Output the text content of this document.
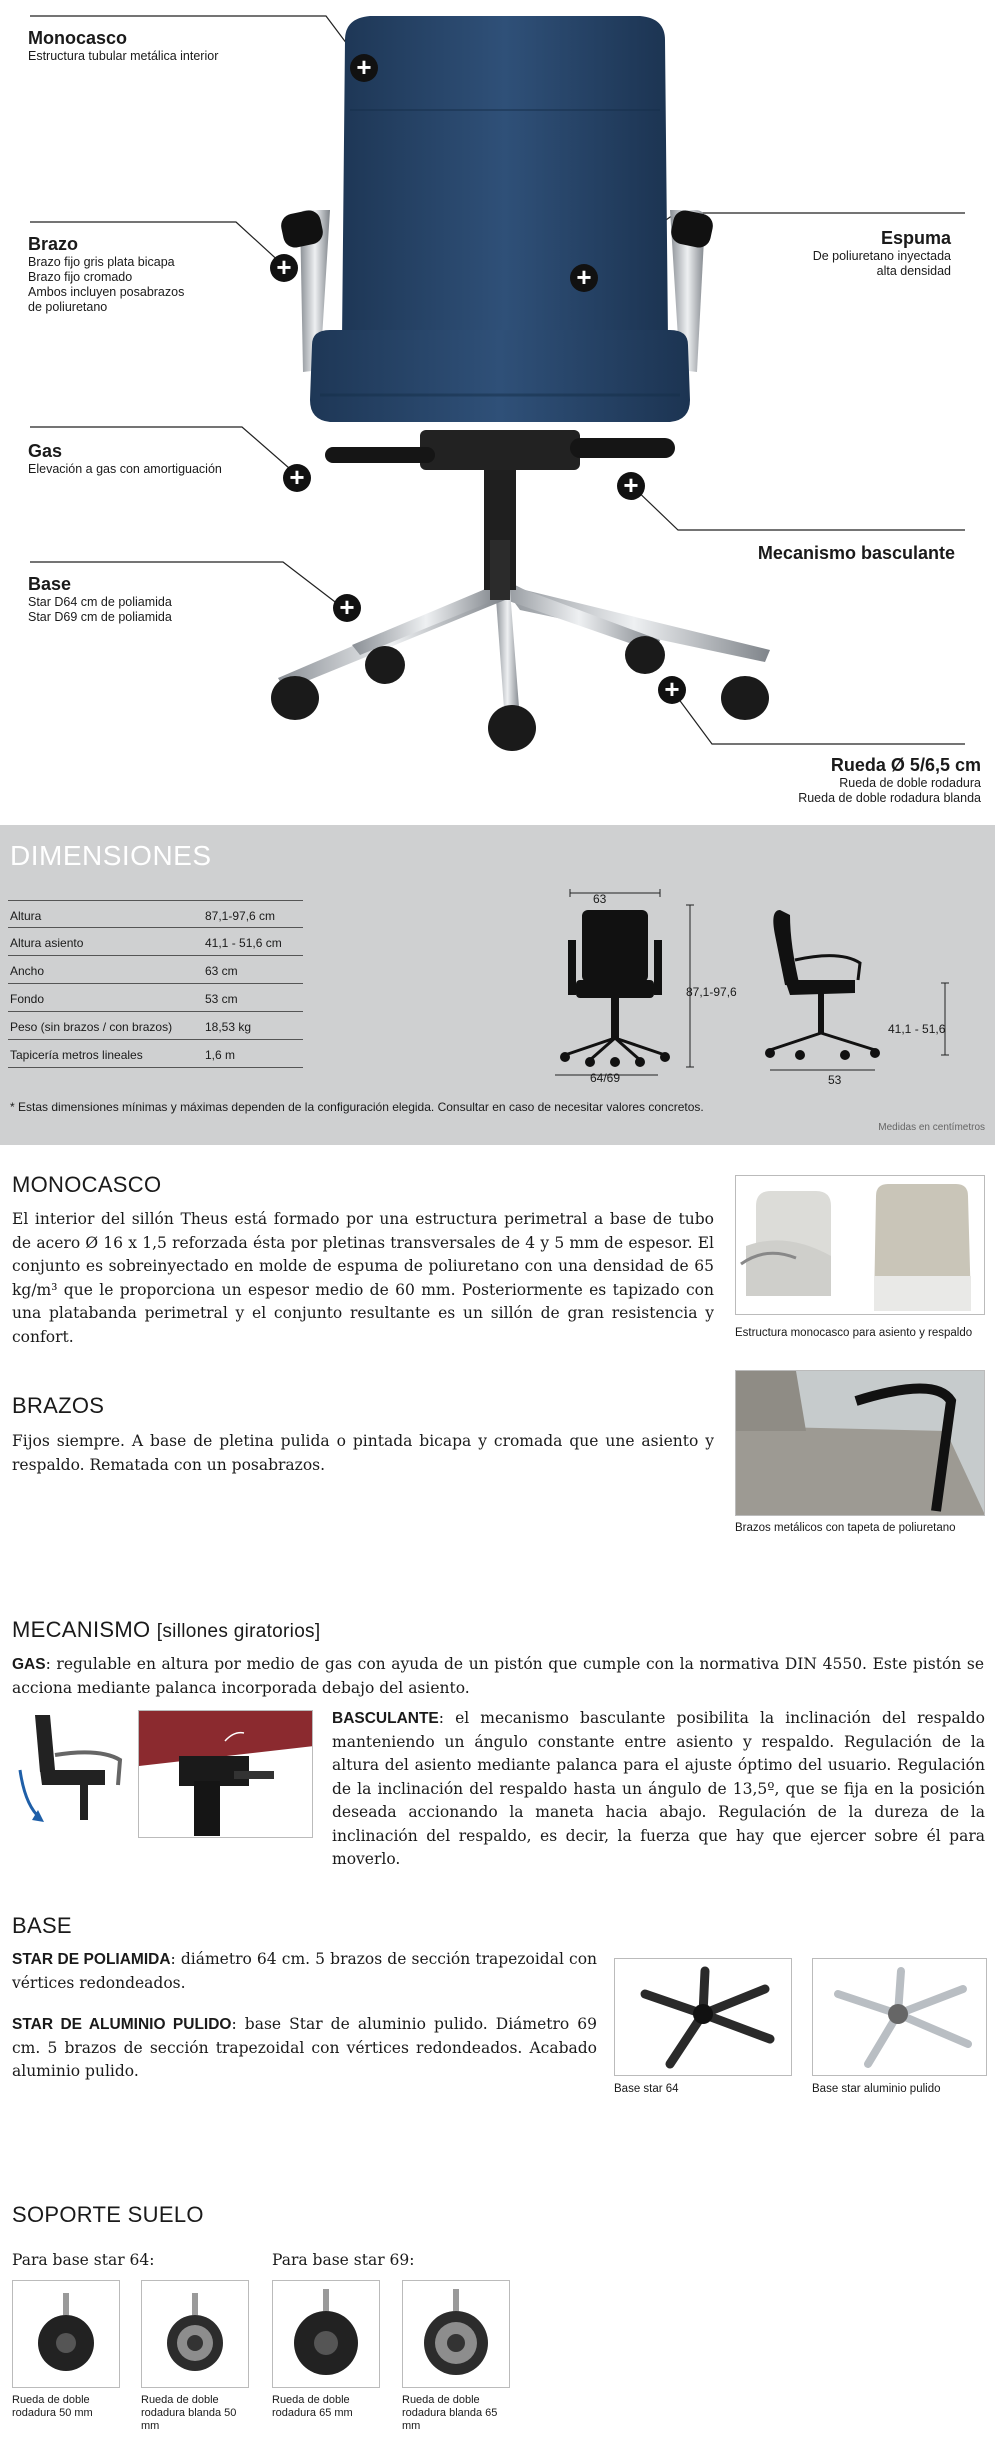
+
+	+
+	+
+
+
Monocasco
Estructura tubular metálica interior
Brazo
Brazo fijo gris plata bicapa
Brazo fijo cromado
Ambos incluyen posabrazos
de poliuretano
Gas
Elevación a gas con amortiguación
Base
Star D64 cm de poliamida
Star D69 cm de poliamida
Espuma
De poliuretano inyectada
alta densidad
Mecanismo basculante
Rueda Ø 5/6,5 cm
Rueda de doble rodadura
Rueda de doble rodadura blanda
DIMENSIONES
Altura	87,1-97,6 cm
Altura asiento	41,1 - 51,6 cm
Ancho	63 cm
Fondo	53 cm
Peso (sin brazos / con brazos)	18,53 kg
Tapicería metros lineales	1,6 m
63
87,1-97,6
64/69	53
41,1 - 51,6
* Estas dimensiones mínimas y máximas dependen de la configuración elegida. Consultar en caso de necesitar valores concretos.
Medidas en centímetros
MONOCASCO
El interior del sillón Theus está formado por una estructura perimetral a base de tubo de acero Ø 16 x 1,5 reforzada ésta por pletinas transversales de 4 y 5 mm de espesor. El conjunto es sobreinyectado en molde de espuma de poliuretano con una densidad de 65 kg/m³ que le proporciona un espesor medio de 60 mm. Posteriormente es tapizado con una platabanda perimetral y el conjunto resultante es un sillón de gran resistencia y confort.	Estructura monocasco para asiento y respaldo
BRAZOS
Fijos siempre. A base de pletina pulida o pintada bicapa y cromada que une asiento y respaldo. Rematada con un posabrazos.
Brazos metálicos con tapeta de poliuretano
MECANISMO [sillones giratorios]
GAS: regulable en altura por medio de gas con ayuda de un pistón que cumple con la normativa DIN 4550. Este pistón se acciona mediante palanca incorporada debajo del asiento.
BASCULANTE: el mecanismo basculante posibilita la inclinación del respaldo manteniendo un ángulo constante entre asiento y respaldo. Regulación de la altura del asiento mediante palanca para el ajuste óptimo del usuario. Regulación de la inclinación del respaldo hasta un ángulo de 13,5º, que se fija en la posición deseada accionando la maneta hacia abajo. Regulación de la dureza de la inclinación del respaldo, es decir, la fuerza que hay que ejercer sobre él para moverlo.
BASE
STAR DE POLIAMIDA: diámetro 64 cm. 5 brazos de sección trapezoidal con vértices redondeados.
STAR DE ALUMINIO PULIDO: base Star de aluminio pulido. Diámetro 69 cm. 5 brazos de sección trapezoidal con vértices redondeados. Acabado aluminio pulido.
Base star 64	Base star aluminio pulido
SOPORTE SUELO
Para base star 64:	Para base star 69:
Rueda de doble rodadura 50 mm
Rueda de doble rodadura blanda 50 mm
Rueda de doble rodadura 65 mm
Rueda de doble rodadura blanda 65 mm
